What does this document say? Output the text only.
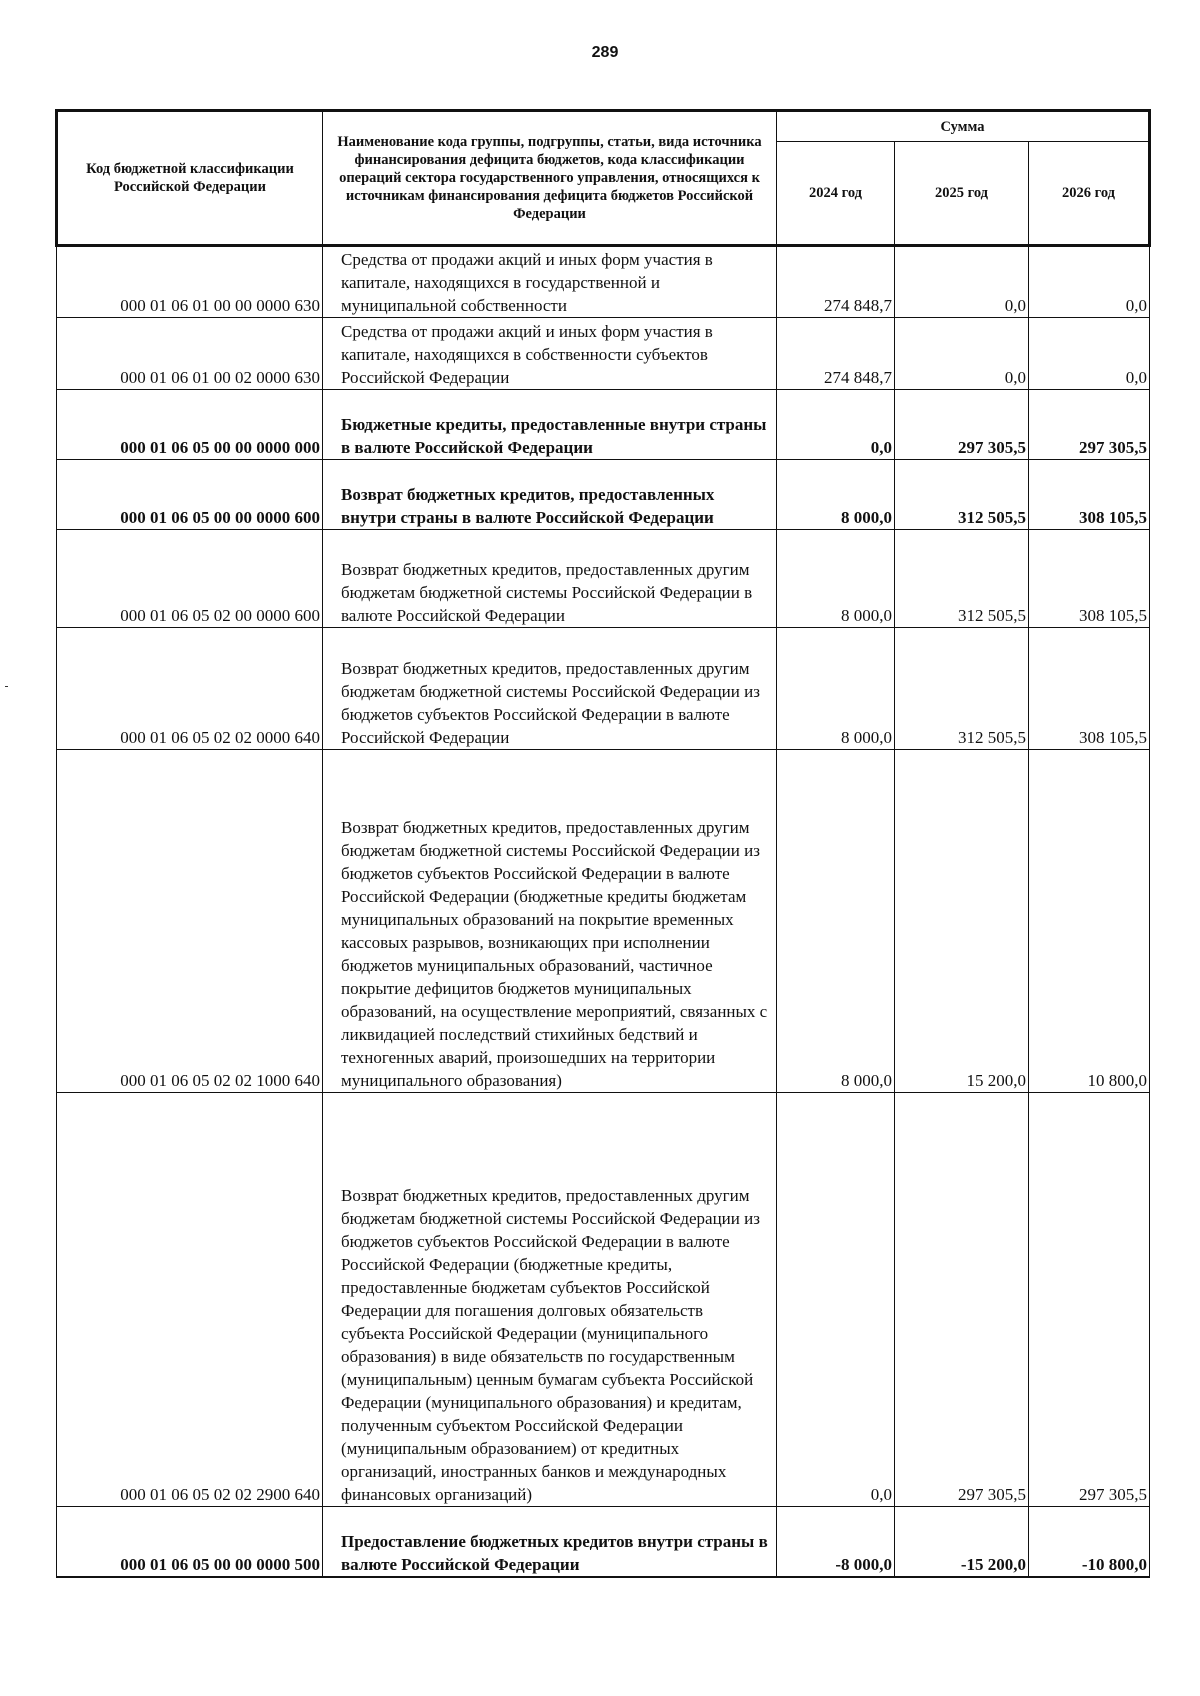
289
Код бюджетной классификации Российской Федерации	Наименование кода группы, подгруппы, статьи, вида источника финансирования дефицита бюджетов, кода классификации операций сектора государственного управления, относящихся к источникам финансирования дефицита бюджетов Российской Федерации	Сумма		
		2024 год	2025 год	2026 год
000 01 06 01 00 00 0000 630	Средства от продажи акций и иных форм участия в капитале, находящихся в государственной и муниципальной собственности	274 848,7	0,0	0,0
000 01 06 01 00 02 0000 630	Средства от продажи акций и иных форм участия в капитале, находящихся в собственности субъектов Российской Федерации	274 848,7	0,0	0,0
000 01 06 05 00 00 0000 000	Бюджетные кредиты, предоставленные внутри страны в валюте Российской Федерации	0,0	297 305,5	297 305,5
000 01 06 05 00 00 0000 600	Возврат бюджетных кредитов, предоставленных внутри страны в валюте Российской Федерации	8 000,0	312 505,5	308 105,5
000 01 06 05 02 00 0000 600	Возврат бюджетных кредитов, предоставленных другим бюджетам бюджетной системы Российской Федерации в валюте Российской Федерации	8 000,0	312 505,5	308 105,5
000 01 06 05 02 02 0000 640	Возврат бюджетных кредитов, предоставленных другим бюджетам бюджетной системы Российской Федерации из бюджетов субъектов Российской Федерации в валюте Российской Федерации	8 000,0	312 505,5	308 105,5
000 01 06 05 02 02 1000 640	Возврат бюджетных кредитов, предоставленных другим бюджетам бюджетной системы Российской Федерации из бюджетов субъектов Российской Федерации в валюте Российской Федерации (бюджетные кредиты бюджетам муниципальных образований на покрытие временных кассовых разрывов, возникающих при исполнении бюджетов муниципальных образований, частичное покрытие дефицитов бюджетов муниципальных образований, на осуществление мероприятий, связанных с ликвидацией последствий стихийных бедствий и техногенных аварий, произошедших на территории муниципального образования)	8 000,0	15 200,0	10 800,0
000 01 06 05 02 02 2900 640	Возврат бюджетных кредитов, предоставленных другим бюджетам бюджетной системы Российской Федерации из бюджетов субъектов Российской Федерации в валюте Российской Федерации (бюджетные кредиты, предоставленные бюджетам субъектов Российской Федерации для погашения долговых обязательств субъекта Российской Федерации (муниципального образования) в виде обязательств по государственным (муниципальным) ценным бумагам субъекта Российской Федерации (муниципального образования) и кредитам, полученным субъектом Российской Федерации (муниципальным образованием) от кредитных организаций, иностранных банков и международных финансовых организаций)	0,0	297 305,5	297 305,5
000 01 06 05 00 00 0000 500	Предоставление бюджетных кредитов внутри страны в валюте Российской Федерации	-8 000,0	-15 200,0	-10 800,0
